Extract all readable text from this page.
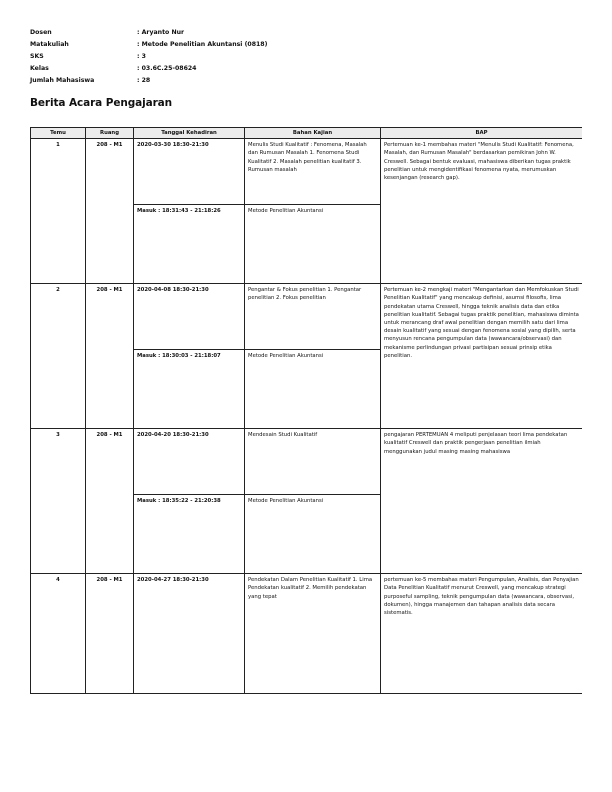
Dosen	: Aryanto Nur
Matakuliah	: Metode Penelitian Akuntansi (0818)
SKS	: 3
Kelas	: 03.6C.25-08624
Jumlah Mahasiswa	: 28
Berita Acara Pengajaran
Temu	Ruang	Tanggal Kehadiran	Bahan Kajian	BAP
1	208 - M1	2020-03-30 18:30-21:30	Menulis Studi Kualitatif : Fenomena, Masalah dan Rumusan Masalah 1. Fenomena Studi Kualitatif 2. Masalah penelitian kualitatif 3. Rumusan masalah	Pertemuan ke-1 membahas materi "Menulis Studi Kualitatif: Fenomena, Masalah, dan Rumusan Masalah" berdasarkan pemikiran John W. Creswell. Sebagai bentuk evaluasi, mahasiswa diberikan tugas praktik penelitian untuk mengidentifikasi fenomena nyata, merumuskan kesenjangan (research gap).
		Masuk : 18:31:43 - 21:18:26	Metode Penelitian Akuntansi	
2	208 - M1	2020-04-08 18:30-21:30	Pengantar & Fokus penelitian 1. Pengantar penelitian 2. Fokus penelitian	Pertemuan ke-2 mengkaji materi "Mengantarkan dan Memfokuskan Studi Penelitian Kualitatif" yang mencakup definisi, asumsi filosofis, lima pendekatan utama Creswell, hingga teknik analisis data dan etika penelitian kualitatif. Sebagai tugas praktik penelitian, mahasiswa diminta untuk merancang draf awal penelitian dengan memilih satu dari lima desain kualitatif yang sesuai dengan fenomena sosial yang dipilih, serta menyusun rencana pengumpulan data (wawancara/observasi) dan mekanisme perlindungan privasi partisipan sesuai prinsip etika penelitian.
		Masuk : 18:30:03 - 21:18:07	Metode Penelitian Akuntansi	
3	208 - M1	2020-04-20 18:30-21:30	Mendesain Studi Kualitatif	pengajaran PERTEMUAN 4 meliputi penjelasan teori lima pendekatan kualitatif Creswell dan praktik pengerjaan penelitian ilmiah menggunakan judul masing masing mahasiswa
		Masuk : 18:35:22 - 21:20:38	Metode Penelitian Akuntansi	
4	208 - M1	2020-04-27 18:30-21:30	Pendekatan Dalam Penelitian Kualitatif 1. Lima Pendekatan kualitatif 2. Memilih pendekatan yang tepat	pertemuan ke-5 membahas materi Pengumpulan, Analisis, dan Penyajian Data Penelitian Kualitatif menurut Creswell, yang mencakup strategi purposeful sampling, teknik pengumpulan data (wawancara, observasi, dokumen), hingga manajemen dan tahapan analisis data secara sistematis.
